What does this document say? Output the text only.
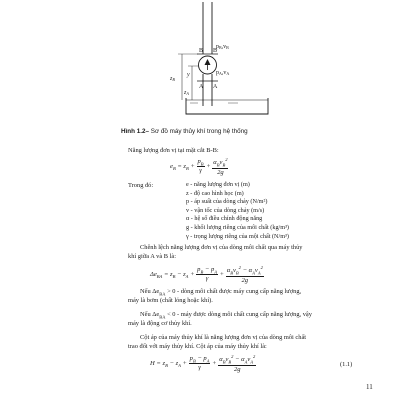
pB,vB
pA,vA
B B
A A
y
zB
zA
Hình 1.2– Sơ đồ máy thủy khí trong hệ thống
Năng lượng đơn vị tại mặt cắt B-B:
$e_B = z_B + \frac{p_B}{\gamma} + \frac{\alpha_Bv_B^2}{2g}$
Trong đó:	e - năng lượng đơn vị (m)
z - độ cao hình học (m)
p - áp suất của dòng chảy (N/m²)
v - vận tốc của dòng chảy (m/s)
α - hệ số điều chỉnh động năng
g - khối lượng riêng của môi chất (kg/m³)
γ - trọng lượng riêng của mội chất (N/m³)
Chênh lệch năng lượng đơn vị của dòng môi chất qua máy thủy
khí giữa A và B là:
$\Delta e_{BA} = z_B - z_A + \frac{p_B - p_A}{\gamma} + \frac{\alpha_Bv_B^2 - \alpha_Av_A^2}{2g}$
Nếu $\Delta e_{BA} > 0$ - dòng môi chất được máy cung cấp năng lượng,
máy là bơm (chất lỏng hoặc khí).
Nếu $\Delta e_{BA} < 0$ - máy được dòng môi chất cung cấp năng lượng, vậy
máy là động cơ thủy khí.
Cột áp của máy thủy khí là năng lượng đơn vị của dòng môi chất
trao đổi với máy thủy khí. Cột áp của máy thủy khí là:
$H = z_B - z_A + \frac{p_B - p_A}{\gamma} + \frac{\alpha_Bv_B^2 - \alpha_Av_A^2}{2g}$	(1.1)
11
